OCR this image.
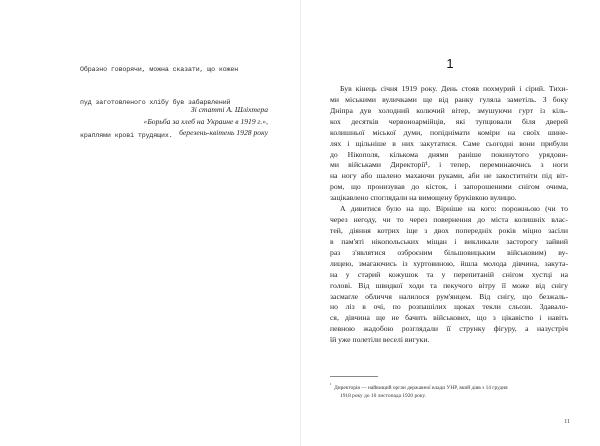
Образно говорячи, можна сказати, що кожен

пуд заготовленого хлібу був забарвлений

краплями крові трудящих.

Зі статті А. Шліхтера
«Борьба за хлеб на Украине в 1919 г.»,
березень-квітень 1928 року
1
Був кінець січня 1919 року. День стояв похмурий і сірий. Тихи-
ми міськими вуличками ще від ранку гуляла заметіль. З боку
Дніпра дув холодний колючий вітер, змушуючи гурт із кіль-
кох десятків червоноармійців, які тупцювали біля дверей
колишньої міської думи, попіднімати коміри на своїх шине-
лях і щільніше в них закутатися. Саме сьогодні вони прибули
до Нікополя, кількома днями раніше покинутого урядови-
ми військами Директорії¹, і тепер, переминаючись з ноги
на ногу або шалено махаючи руками, аби не закоститніти під віт-
ром, що пронизував до кісток, і запорошеними снігом очима,
зацікавлено споглядали на вимощену бруківкою вулицю.
А дивитися було на що. Вірніше на кого: порожньою (чи то
через негоду, чи то через повернення до міста колишніх влас-
тей, діяння котрих іще з двох попередніх років міцно засіли
в пам'яті нікопольських міщан і викликали засторогу зайвий
раз з'являтися озброєним більшовицьким військовим) ву-
лицею, змагаючись із хуртовиною, йшла молода дівчина, закута-
на у старий кожушок та у перепитаній снігом хустці на
голові. Від швидкої ходи та пекучого вітру її може від снігу
засмагле обличчя налилося рум'янцем. Від снігу, що безжаль-
но ліз в очі, по розпашілих щоках текли сльози. Здавало-
ся, дівчина ще не бачить військових, що з цікавістю і навіть
певною жадобою розглядали її струнку фігуру, а назустріч
їй уже полетіли веселі вигуки.
$^{^1}$  Директорія — найвищий орган державної влади УНР, який діяв з 14 грудня
1918 року до 10 листопада 1920 року.
11
